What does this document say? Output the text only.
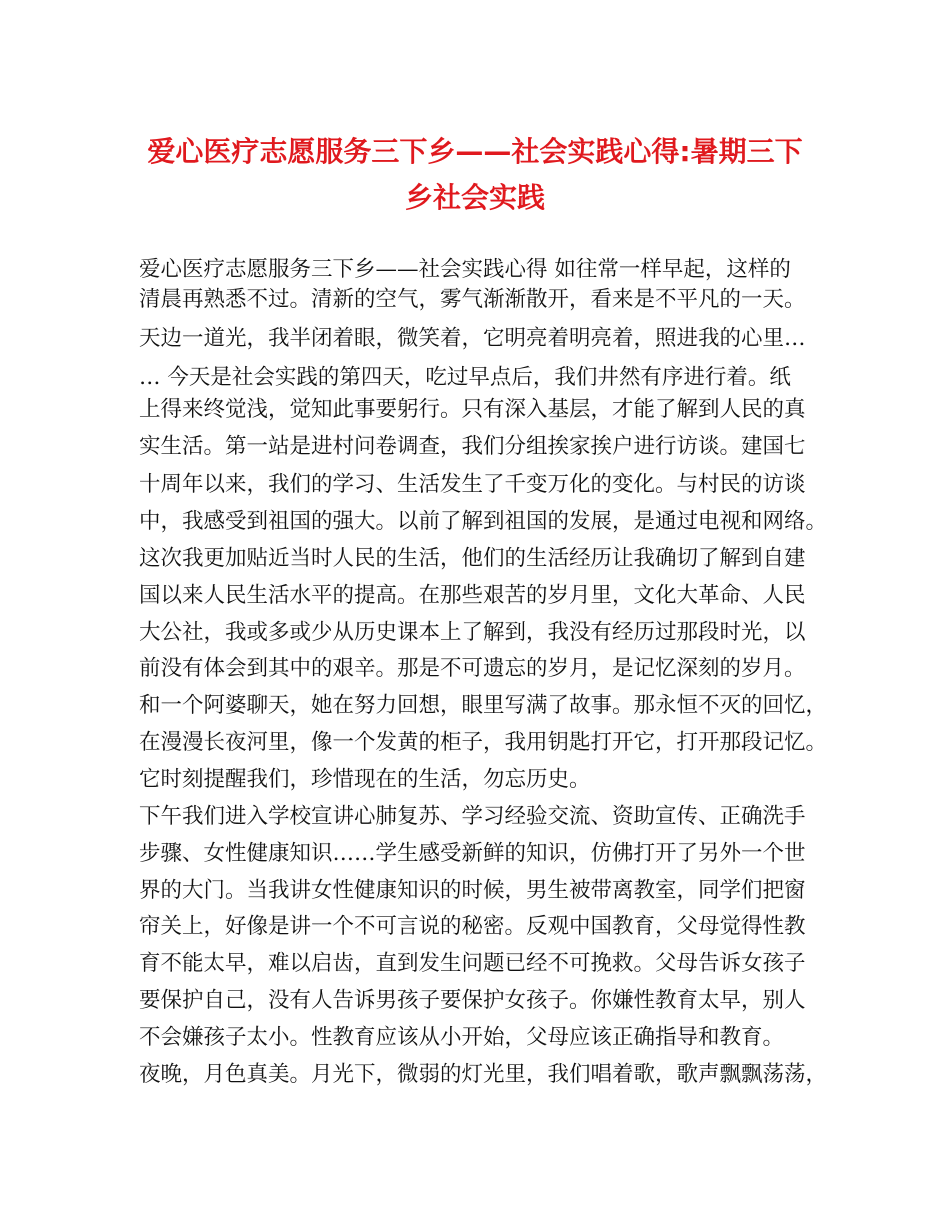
爱心医疗志愿服务三下乡——社会实践心得:暑期三下
乡社会实践
爱心医疗志愿服务三下乡——社会实践心得 如往常一样早起，这样的
清晨再熟悉不过。清新的空气，雾气渐渐散开，看来是不平凡的一天。
天边一道光，我半闭着眼，微笑着，它明亮着明亮着，照进我的心里…
… 今天是社会实践的第四天，吃过早点后，我们井然有序进行着。纸
上得来终觉浅，觉知此事要躬行。只有深入基层，才能了解到人民的真
实生活。第一站是进村问卷调查，我们分组挨家挨户进行访谈。建国七
十周年以来，我们的学习、生活发生了千变万化的变化。与村民的访谈
中，我感受到祖国的强大。以前了解到祖国的发展，是通过电视和网络。
这次我更加贴近当时人民的生活，他们的生活经历让我确切了解到自建
国以来人民生活水平的提高。在那些艰苦的岁月里，文化大革命、人民
大公社，我或多或少从历史课本上了解到，我没有经历过那段时光，以
前没有体会到其中的艰辛。那是不可遗忘的岁月，是记忆深刻的岁月。
和一个阿婆聊天，她在努力回想，眼里写满了故事。那永恒不灭的回忆，
在漫漫长夜河里，像一个发黄的柜子，我用钥匙打开它，打开那段记忆。
它时刻提醒我们，珍惜现在的生活，勿忘历史。
下午我们进入学校宣讲心肺复苏、学习经验交流、资助宣传、正确洗手
步骤、女性健康知识……学生感受新鲜的知识，仿佛打开了另外一个世
界的大门。当我讲女性健康知识的时候，男生被带离教室，同学们把窗
帘关上，好像是讲一个不可言说的秘密。反观中国教育，父母觉得性教
育不能太早，难以启齿，直到发生问题已经不可挽救。父母告诉女孩子
要保护自己，没有人告诉男孩子要保护女孩子。你嫌性教育太早，别人
不会嫌孩子太小。性教育应该从小开始，父母应该正确指导和教育。
夜晚，月色真美。月光下，微弱的灯光里，我们唱着歌，歌声飘飘荡荡，
